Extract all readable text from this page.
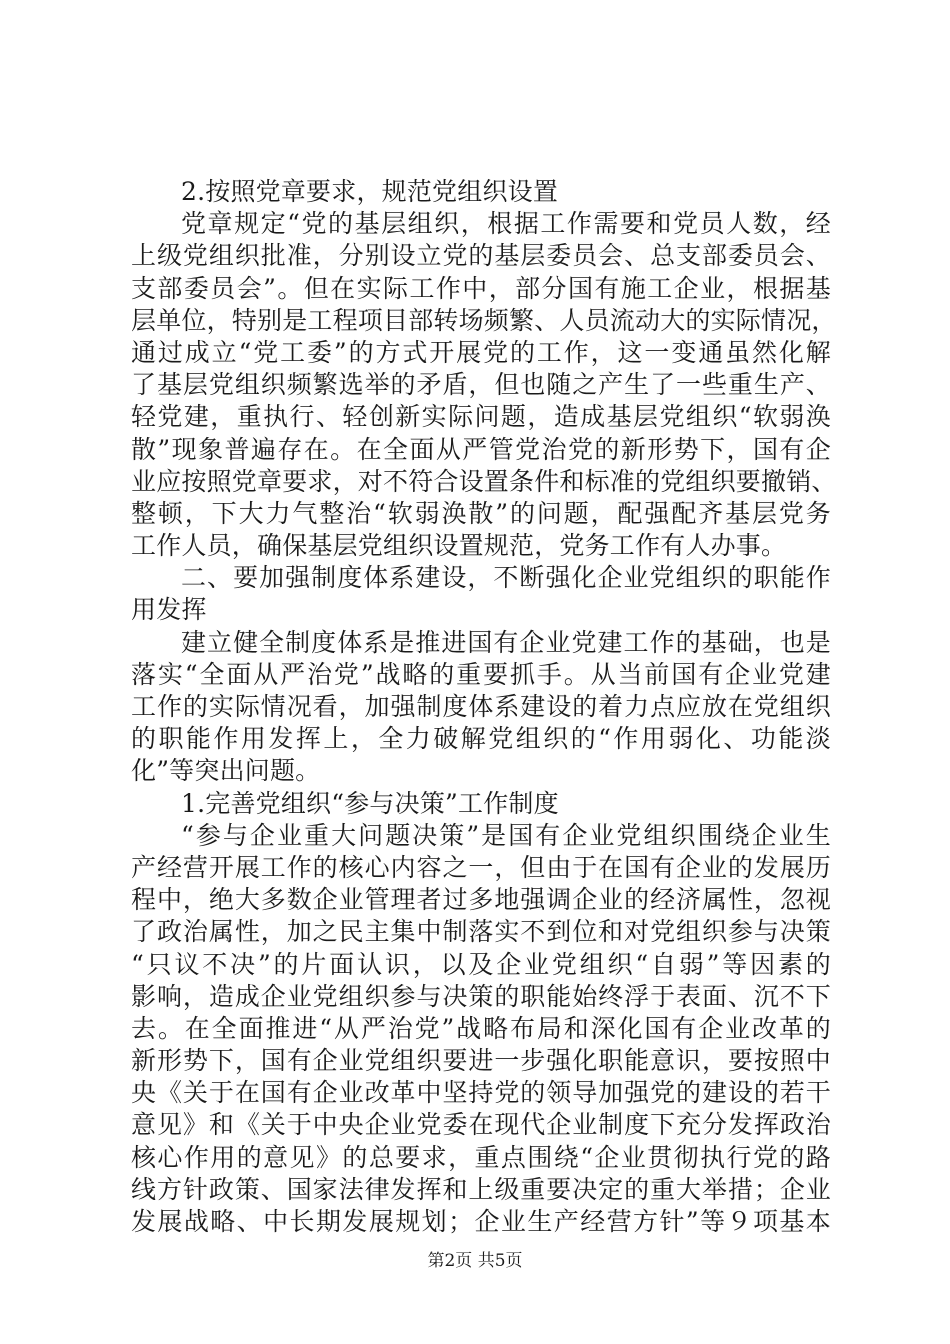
2.按照党章要求，规范党组织设置
党章规定“党的基层组织，根据工作需要和党员人数，经
上级党组织批准，分别设立党的基层委员会、总支部委员会、
支部委员会”。但在实际工作中，部分国有施工企业，根据基
层单位，特别是工程项目部转场频繁、人员流动大的实际情况，
通过成立“党工委”的方式开展党的工作，这一变通虽然化解
了基层党组织频繁选举的矛盾，但也随之产生了一些重生产、
轻党建，重执行、轻创新实际问题，造成基层党组织“软弱涣
散”现象普遍存在。在全面从严管党治党的新形势下，国有企
业应按照党章要求，对不符合设置条件和标准的党组织要撤销、
整顿，下大力气整治“软弱涣散”的问题，配强配齐基层党务
工作人员，确保基层党组织设置规范，党务工作有人办事。
二、要加强制度体系建设，不断强化企业党组织的职能作
用发挥
建立健全制度体系是推进国有企业党建工作的基础，也是
落实“全面从严治党”战略的重要抓手。从当前国有企业党建
工作的实际情况看，加强制度体系建设的着力点应放在党组织
的职能作用发挥上，全力破解党组织的“作用弱化、功能淡
化”等突出问题。
1.完善党组织“参与决策”工作制度
“参与企业重大问题决策”是国有企业党组织围绕企业生
产经营开展工作的核心内容之一，但由于在国有企业的发展历
程中，绝大多数企业管理者过多地强调企业的经济属性，忽视
了政治属性，加之民主集中制落实不到位和对党组织参与决策
“只议不决”的片面认识，以及企业党组织“自弱”等因素的
影响，造成企业党组织参与决策的职能始终浮于表面、沉不下
去。在全面推进“从严治党”战略布局和深化国有企业改革的
新形势下，国有企业党组织要进一步强化职能意识，要按照中
央《关于在国有企业改革中坚持党的领导加强党的建设的若干
意见》和《关于中央企业党委在现代企业制度下充分发挥政治
核心作用的意见》的总要求，重点围绕“企业贯彻执行党的路
线方针政策、国家法律发挥和上级重要决定的重大举措；企业
发展战略、中长期发展规划；企业生产经营方针”等９项基本
第2页 共5页
